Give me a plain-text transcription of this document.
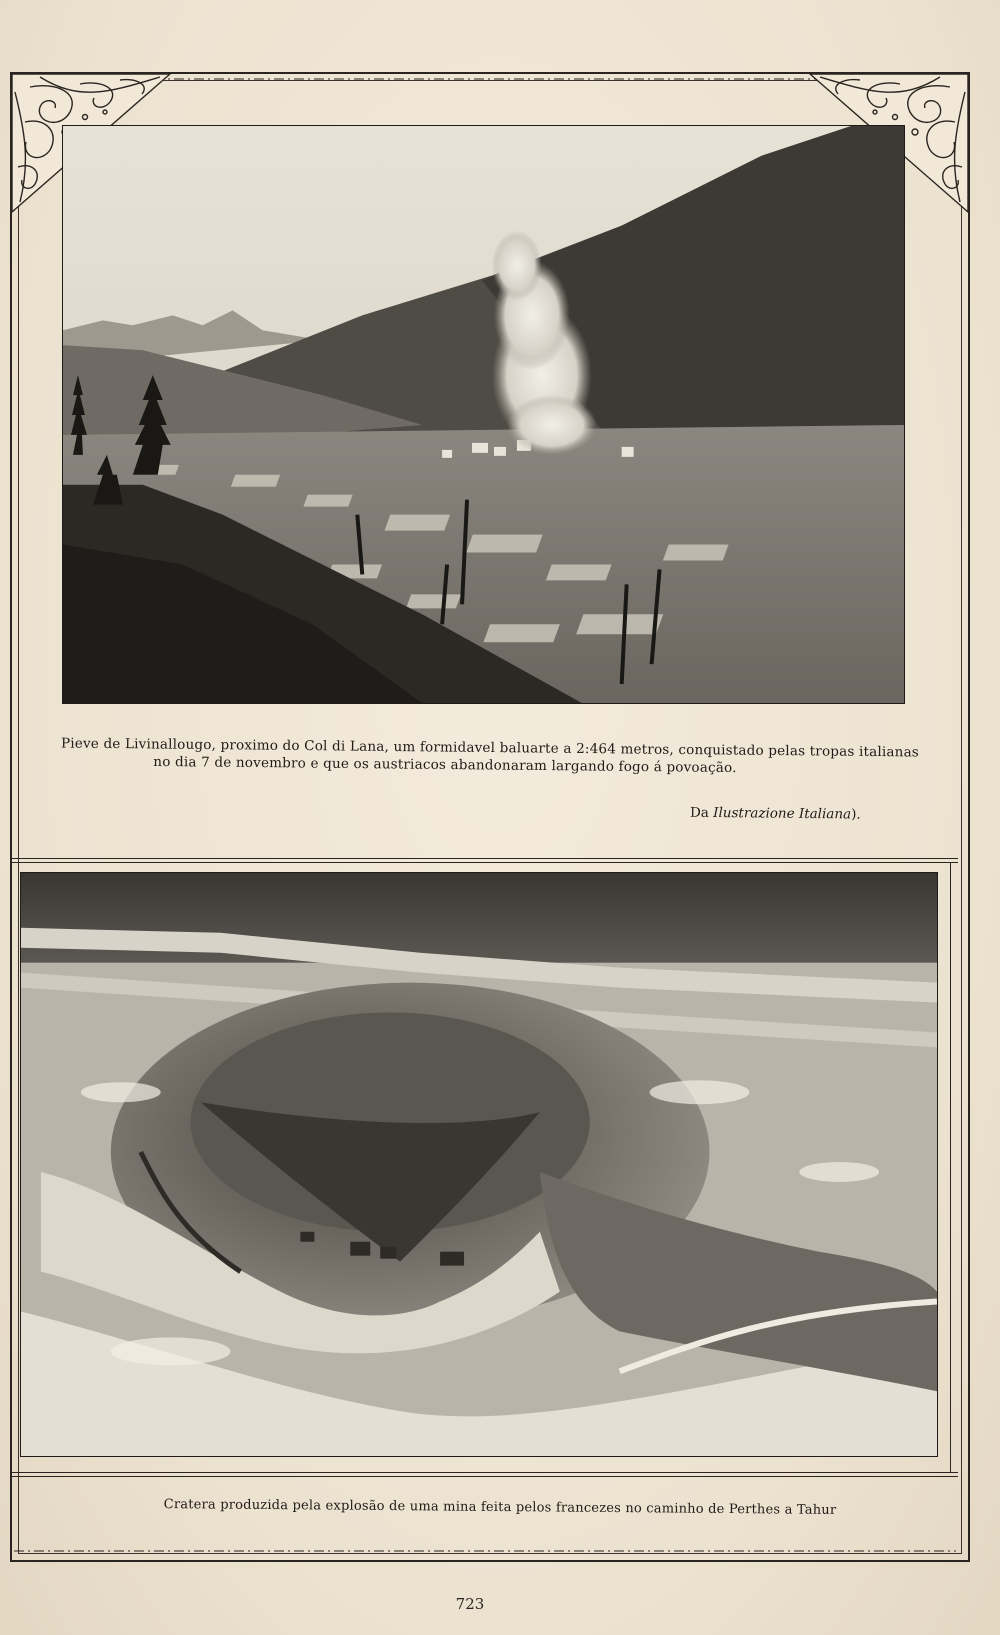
Pieve de Livinallougo, proximo do Col di Lana, um formidavel baluarte a 2:464 metros, conquistado pelas tropas italianas
no dia 7 de novembro e que os austriacos abandonaram largando fogo á povoação.
Da Ilustrazione Italiana).
Cratera produzida pela explosão de uma mina feita pelos francezes no caminho de Perthes a Tahur
723
